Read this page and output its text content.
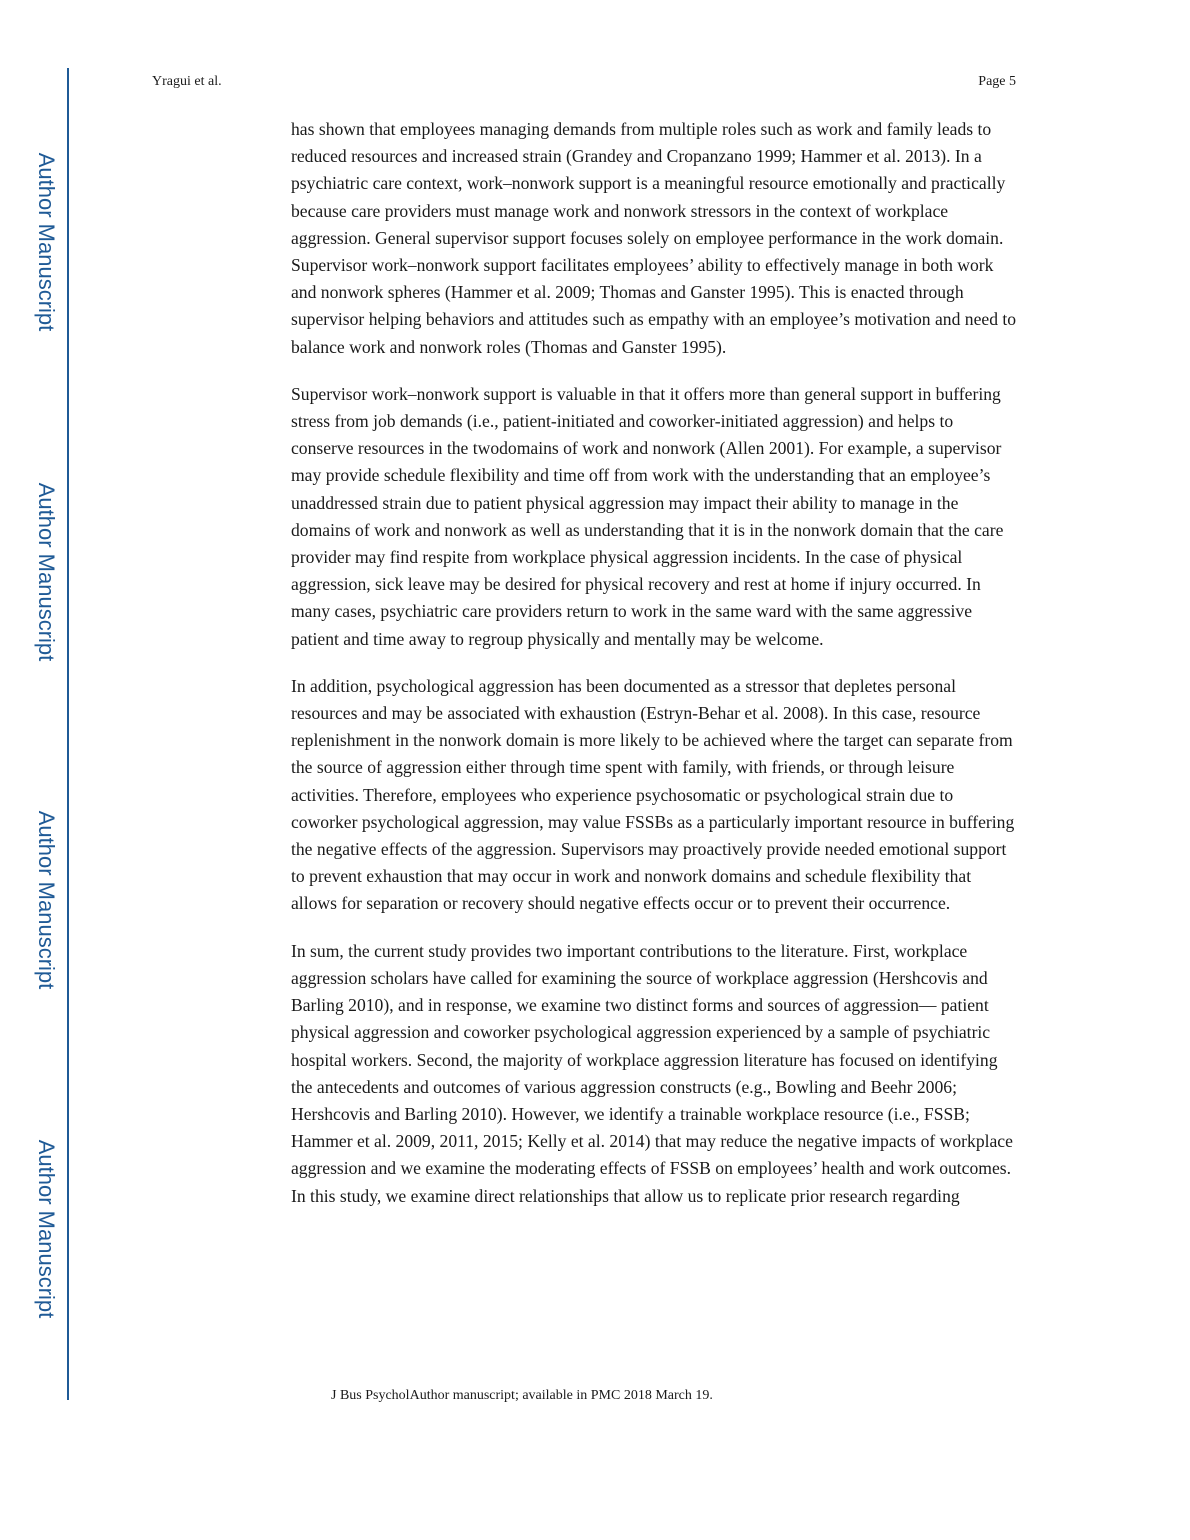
Author Manuscript
Author Manuscript
Author Manuscript
Author Manuscript
Yragui et al.	Page 5

has shown that employees managing demands from multiple roles such as work and family leads to reduced resources and increased strain (Grandey and Cropanzano 1999; Hammer et al. 2013). In a psychiatric care context, work–nonwork support is a meaningful resource emotionally and practically because care providers must manage work and nonwork stressors in the context of workplace aggression. General supervisor support focuses solely on employee performance in the work domain. Supervisor work–nonwork support facilitates employees’ ability to effectively manage in both work and nonwork spheres (Hammer et al. 2009; Thomas and Ganster 1995). This is enacted through supervisor helping behaviors and attitudes such as empathy with an employee’s motivation and need to balance work and nonwork roles (Thomas and Ganster 1995).

Supervisor work–nonwork support is valuable in that it offers more than general support in buffering stress from job demands (i.e., patient-initiated and coworker-initiated aggression) and helps to conserve resources in the twodomains of work and nonwork (Allen 2001). For example, a supervisor may provide schedule flexibility and time off from work with the understanding that an employee’s unaddressed strain due to patient physical aggression may impact their ability to manage in the domains of work and nonwork as well as understanding that it is in the nonwork domain that the care provider may find respite from workplace physical aggression incidents. In the case of physical aggression, sick leave may be desired for physical recovery and rest at home if injury occurred. In many cases, psychiatric care providers return to work in the same ward with the same aggressive patient and time away to regroup physically and mentally may be welcome.

In addition, psychological aggression has been documented as a stressor that depletes personal resources and may be associated with exhaustion (Estryn-Behar et al. 2008). In this case, resource replenishment in the nonwork domain is more likely to be achieved where the target can separate from the source of aggression either through time spent with family, with friends, or through leisure activities. Therefore, employees who experience psychosomatic or psychological strain due to coworker psychological aggression, may value FSSBs as a particularly important resource in buffering the negative effects of the aggression. Supervisors may proactively provide needed emotional support to prevent exhaustion that may occur in work and nonwork domains and schedule flexibility that allows for separation or recovery should negative effects occur or to prevent their occurrence.

In sum, the current study provides two important contributions to the literature. First, workplace aggression scholars have called for examining the source of workplace aggression (Hershcovis and Barling 2010), and in response, we examine two distinct forms and sources of aggression— patient physical aggression and coworker psychological aggression experienced by a sample of psychiatric hospital workers. Second, the majority of workplace aggression literature has focused on identifying the antecedents and outcomes of various aggression constructs (e.g., Bowling and Beehr 2006; Hershcovis and Barling 2010). However, we identify a trainable workplace resource (i.e., FSSB; Hammer et al. 2009, 2011, 2015; Kelly et al. 2014) that may reduce the negative impacts of workplace aggression and we examine the moderating effects of FSSB on employees’ health and work outcomes. In this study, we examine direct relationships that allow us to replicate prior research regarding

J Bus PsycholAuthor manuscript; available in PMC 2018 March 19.
